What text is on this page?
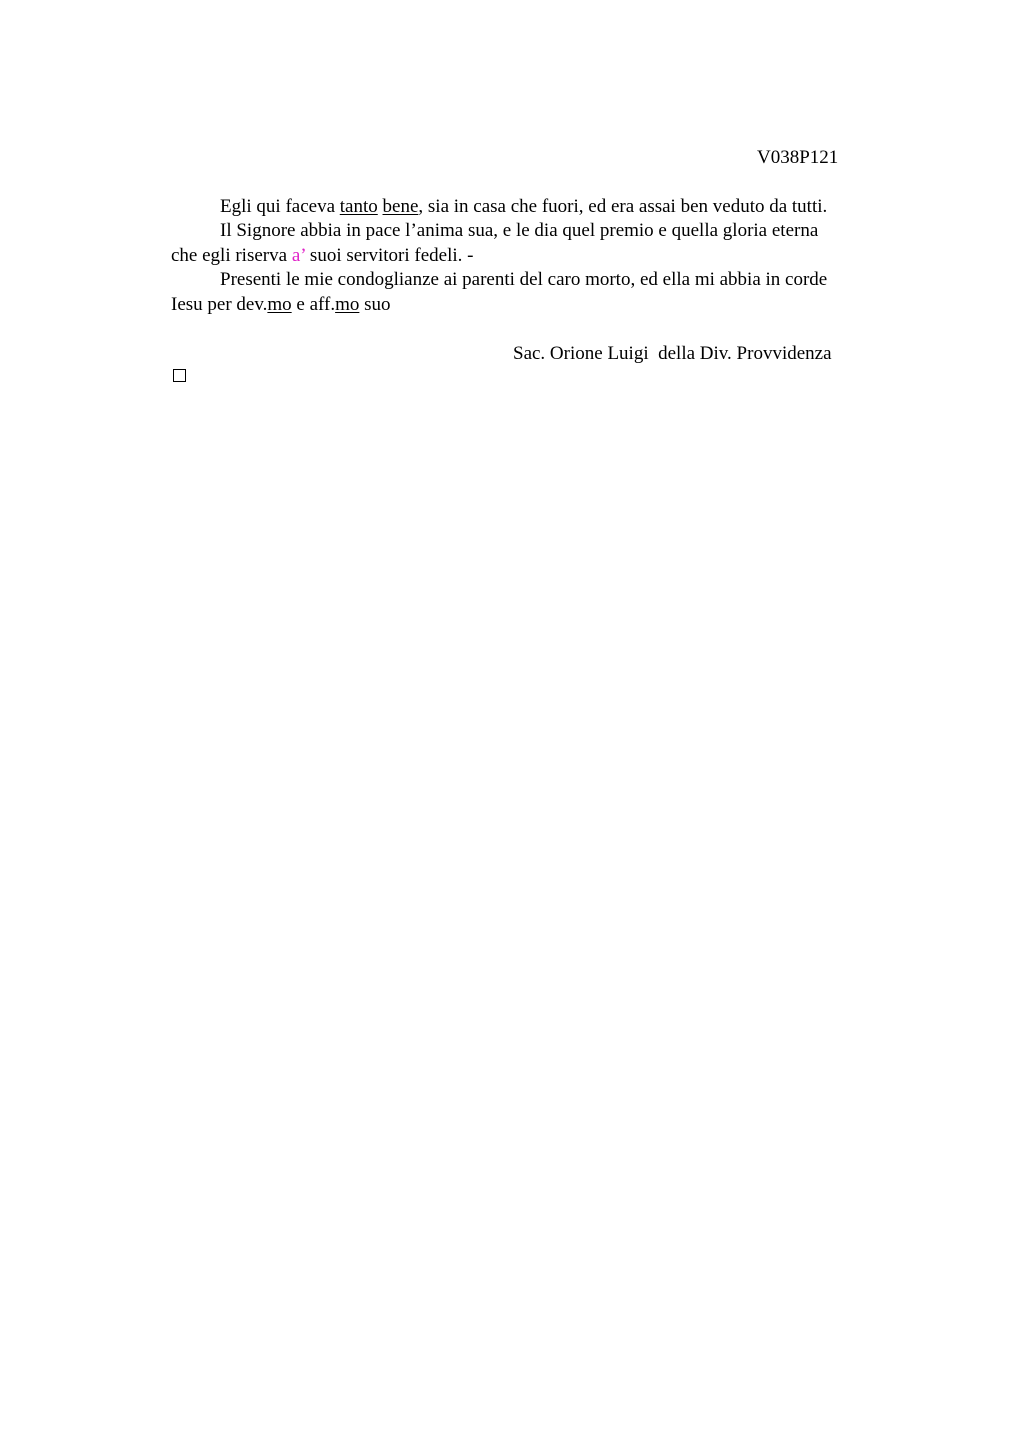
V038P121
Egli qui faceva tanto bene, sia in casa che fuori, ed era assai ben veduto da tutti.
Il Signore abbia in pace l’anima sua, e le dia quel premio e quella gloria eterna
che egli riserva a’ suoi servitori fedeli. -
Presenti le mie condoglianze ai parenti del caro morto, ed ella mi abbia in corde
Iesu per dev.mo e aff.mo suo
Sac. Orione Luigi  della Div. Provvidenza
